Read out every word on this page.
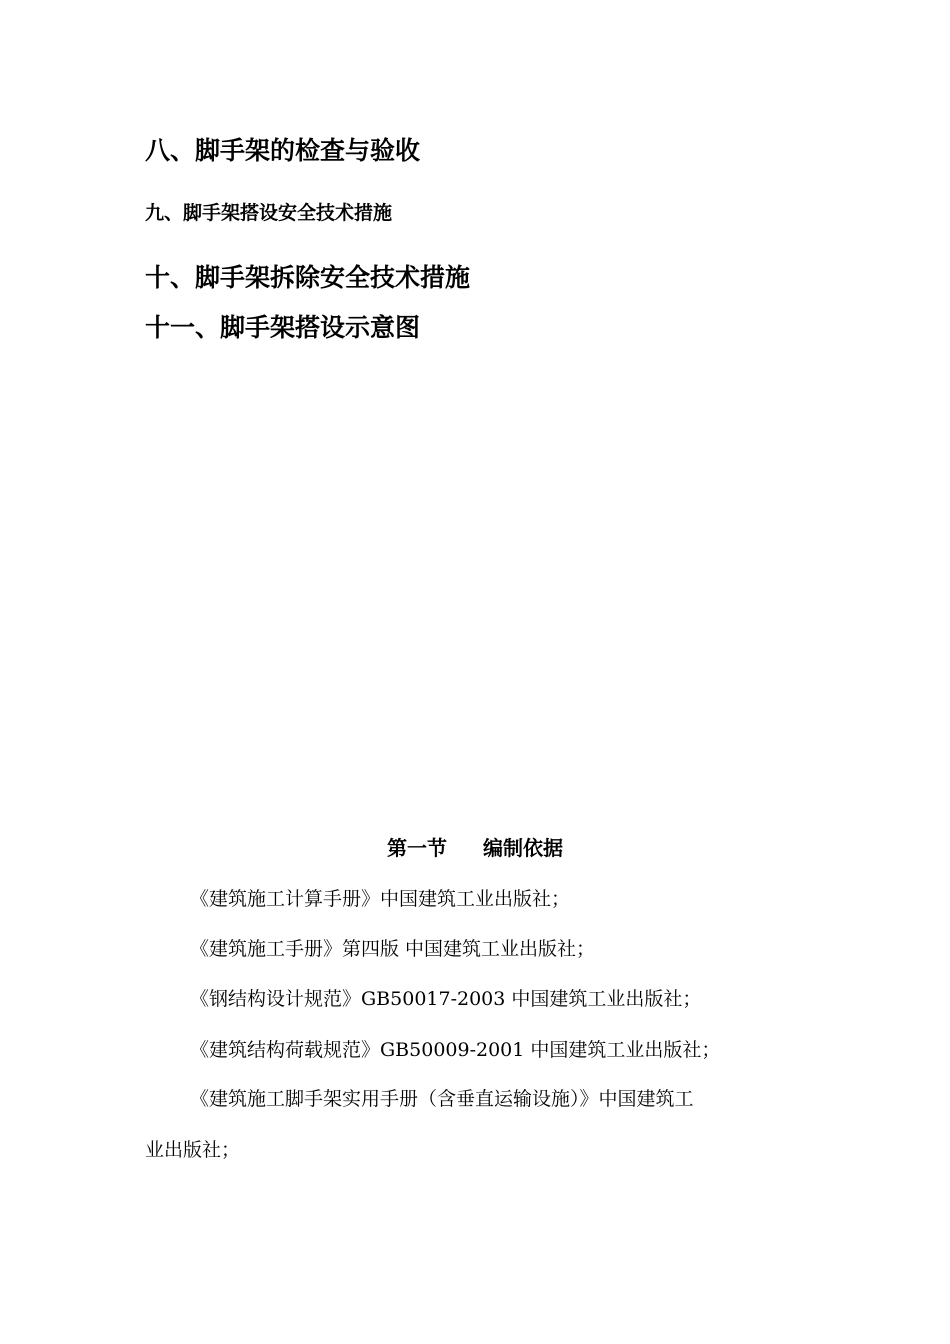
八、脚手架的检查与验收

九、脚手架搭设安全技术措施

十、脚手架拆除安全技术措施

十一、脚手架搭设示意图

第一节 编制依据

《建筑施工计算手册》中国建筑工业出版社；

《建筑施工手册》第四版 中国建筑工业出版社；

《钢结构设计规范》GB50017-2003 中国建筑工业出版社；

《建筑结构荷载规范》GB50009-2001 中国建筑工业出版社；

《建筑施工脚手架实用手册（含垂直运输设施）》中国建筑工

业出版社；
